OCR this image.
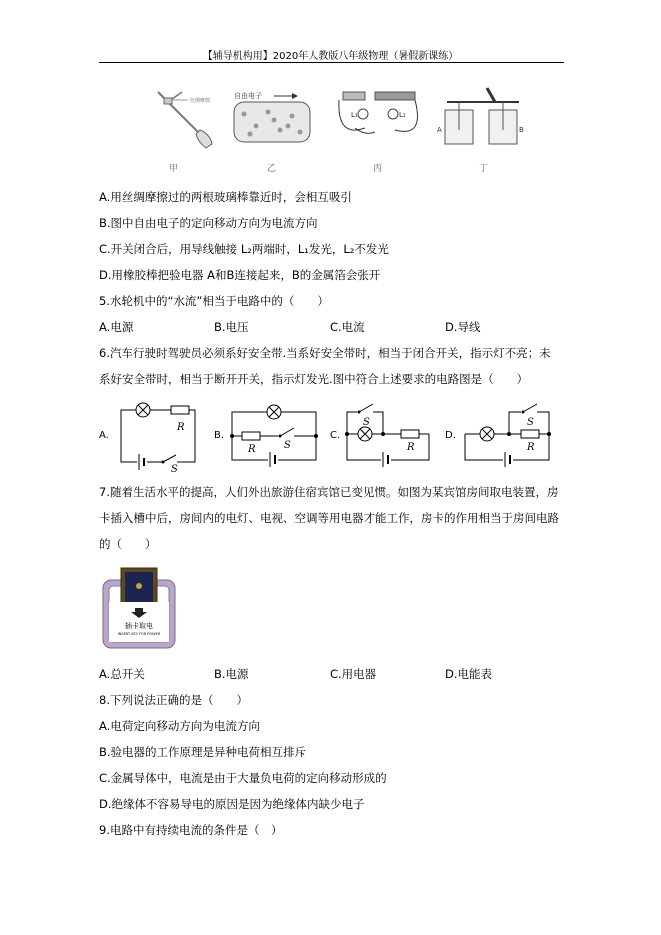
【辅导机构用】2020年人教版八年级物理（暑假新课练）
丝绸摩擦
自由电子
L₁	L₂
A	B
甲	乙	丙	丁
A.用丝绸摩擦过的两根玻璃棒靠近时，会相互吸引
B.图中自由电子的定向移动方向为电流方向
C.开关闭合后，用导线触接 L₂两端时，L₁发光，L₂不发光
D.用橡胶棒把验电器 A和B连接起来，B的金属箔会张开
5.水轮机中的“水流”相当于电路中的（　　）
A.电源	B.电压	C.电流	D.导线
6.汽车行驶时驾驶员必须系好安全带.当系好安全带时，相当于闭合开关，指示灯不亮；未
系好安全带时，相当于断开开关，指示灯发光.图中符合上述要求的电路图是（　　）
A.
R
S
B.
R	S
C.
S
R
D.
S
R
7.随着生活水平的提高，人们外出旅游住宿宾馆已变见惯。如图为某宾馆房间取电装置，房
卡插入槽中后，房间内的电灯、电视、空调等用电器才能工作，房卡的作用相当于房间电路
的（　　）
插卡取电
INSERT KEY FOR POWER
A.总开关	B.电源	C.用电器	D.电能表
8.下列说法正确的是（　　）
A.电荷定向移动方向为电流方向
B.验电器的工作原理是异种电荷相互排斥
C.金属导体中，电流是由于大量负电荷的定向移动形成的
D.绝缘体不容易导电的原因是因为绝缘体内缺少电子
9.电路中有持续电流的条件是（　）
